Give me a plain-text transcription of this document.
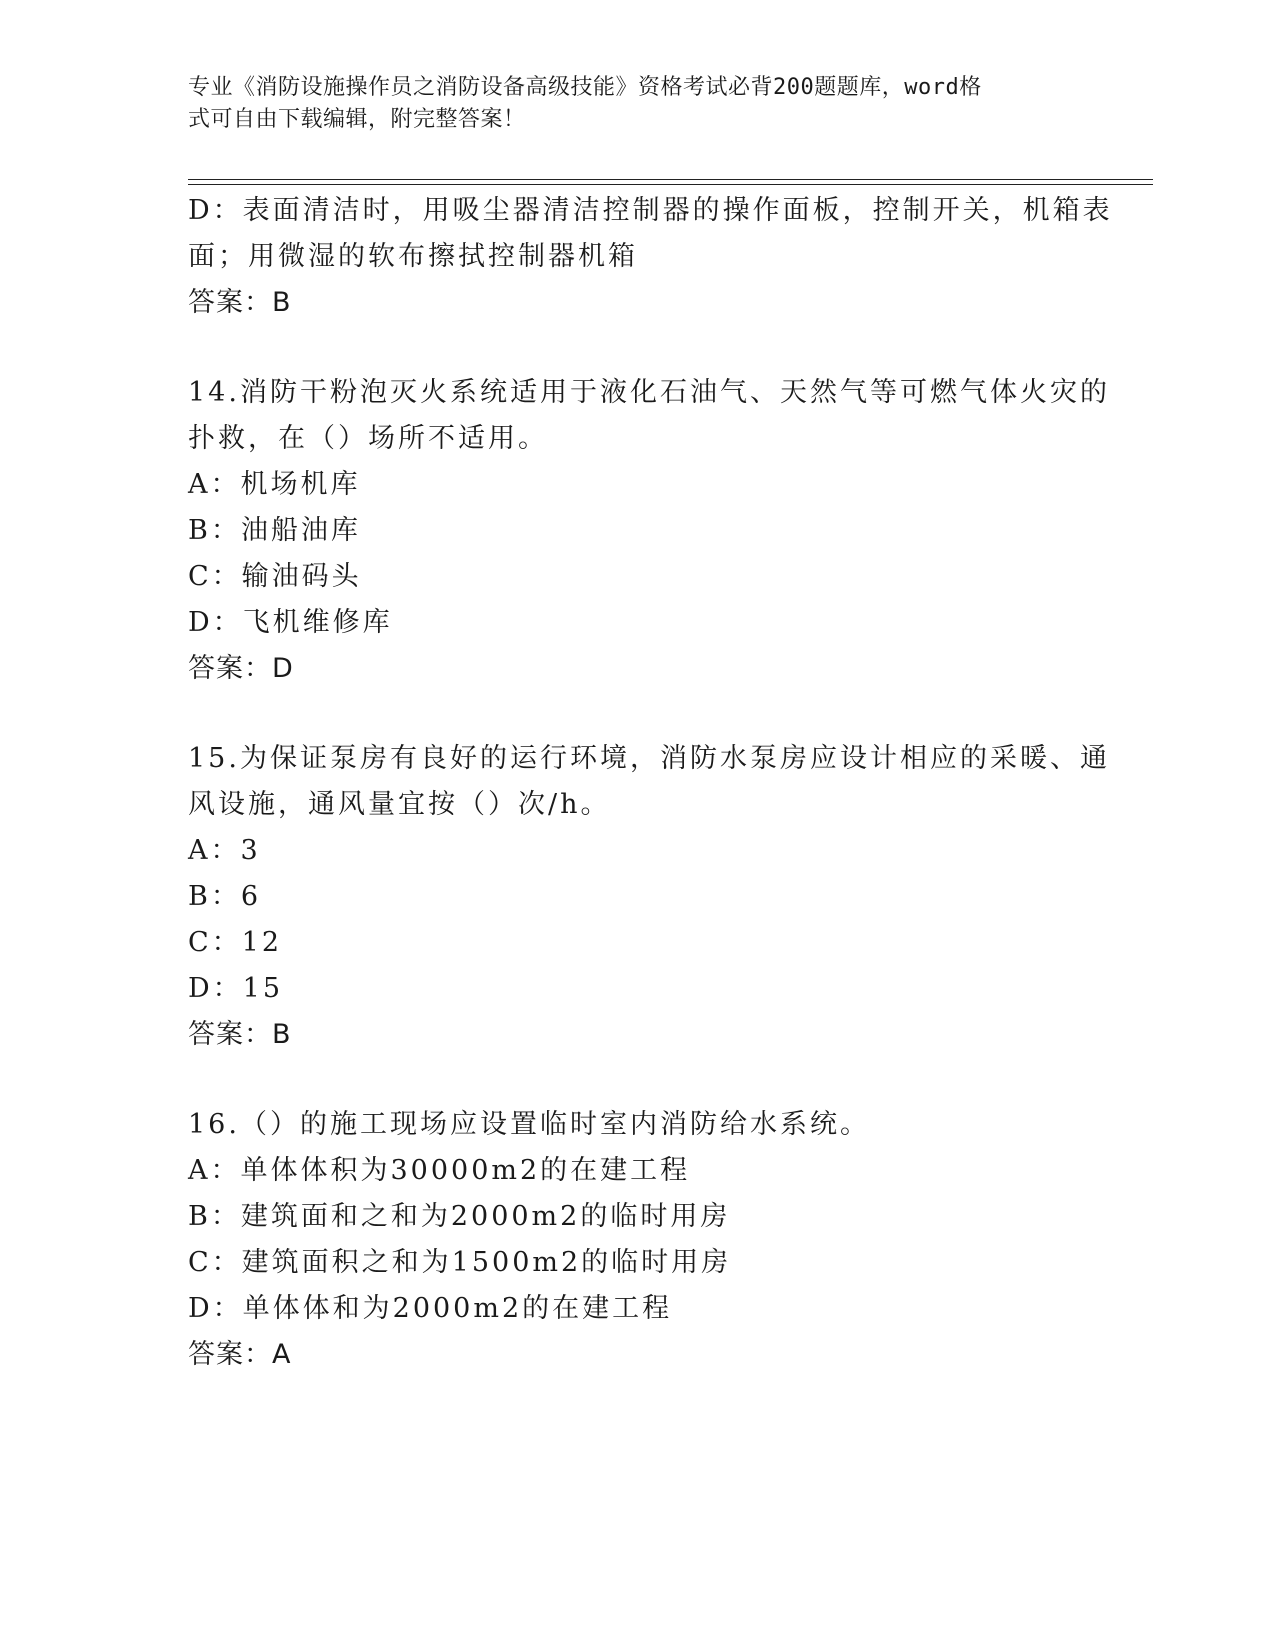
专业《消防设施操作员之消防设备高级技能》资格考试必背200题题库，word格
式可自由下载编辑，附完整答案！
D：表面清洁时，用吸尘器清洁控制器的操作面板，控制开关，机箱表
面；用微湿的软布擦拭控制器机箱
答案：B
14.消防干粉泡灭火系统适用于液化石油气、天然气等可燃气体火灾的
扑救，在（）场所不适用。
A：机场机库
B：油船油库
C：输油码头
D：飞机维修库
答案：D
15.为保证泵房有良好的运行环境，消防水泵房应设计相应的采暖、通
风设施，通风量宜按（）次/h。
A：3
B：6
C：12
D：15
答案：B
16.（）的施工现场应设置临时室内消防给水系统。
A：单体体积为30000m2的在建工程
B：建筑面和之和为2000m2的临时用房
C：建筑面积之和为1500m2的临时用房
D：单体体和为2000m2的在建工程
答案：A
